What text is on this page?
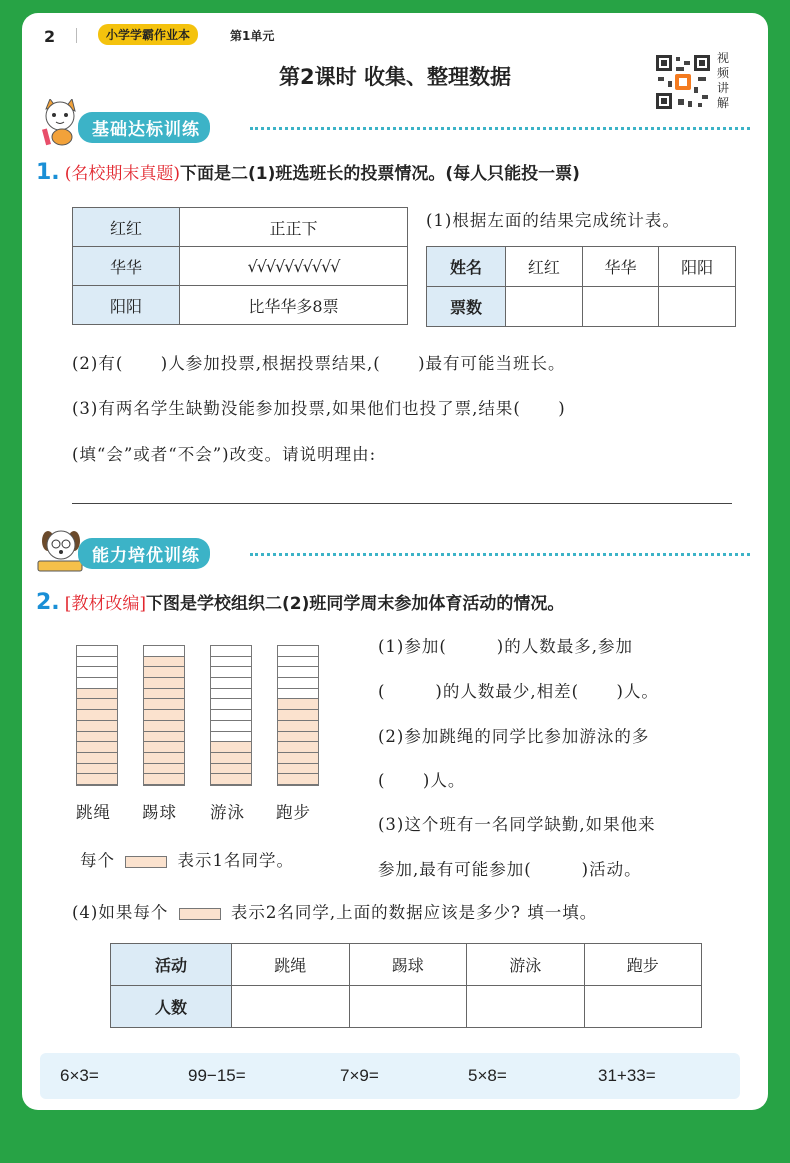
2	小学学霸作业本	第1单元
第2课时 收集、整理数据
视频讲解
基础达标训练
1. (名校期末真题)下面是二(1)班选班长的投票情况。(每人只能投一票)
红红	正正下
华华	√√√√√√√√√√
阳阳	比华华多8票
(1)根据左面的结果完成统计表。
姓名	红红	华华	阳阳
票数			
(2)有(      )人参加投票,根据投票结果,(      )最有可能当班长。
(3)有两名学生缺勤没能参加投票,如果他们也投了票,结果(      )
(填“会”或者“不会”)改变。请说明理由:
能力培优训练
2. [教材改编]下图是学校组织二(2)班同学周末参加体育活动的情况。
跳绳 踢球 游泳 跑步
每个	表示1名同学。
(1)参加(        )的人数最多,参加
(        )的人数最少,相差(      )人。
(2)参加跳绳的同学比参加游泳的多
(      )人。
(3)这个班有一名同学缺勤,如果他来
参加,最有可能参加(        )活动。
(4)如果每个	表示2名同学,上面的数据应该是多少? 填一填。
活动	跳绳	踢球	游泳	跑步
人数				
6×3=	99−15=	7×9=	5×8=	31+33=
